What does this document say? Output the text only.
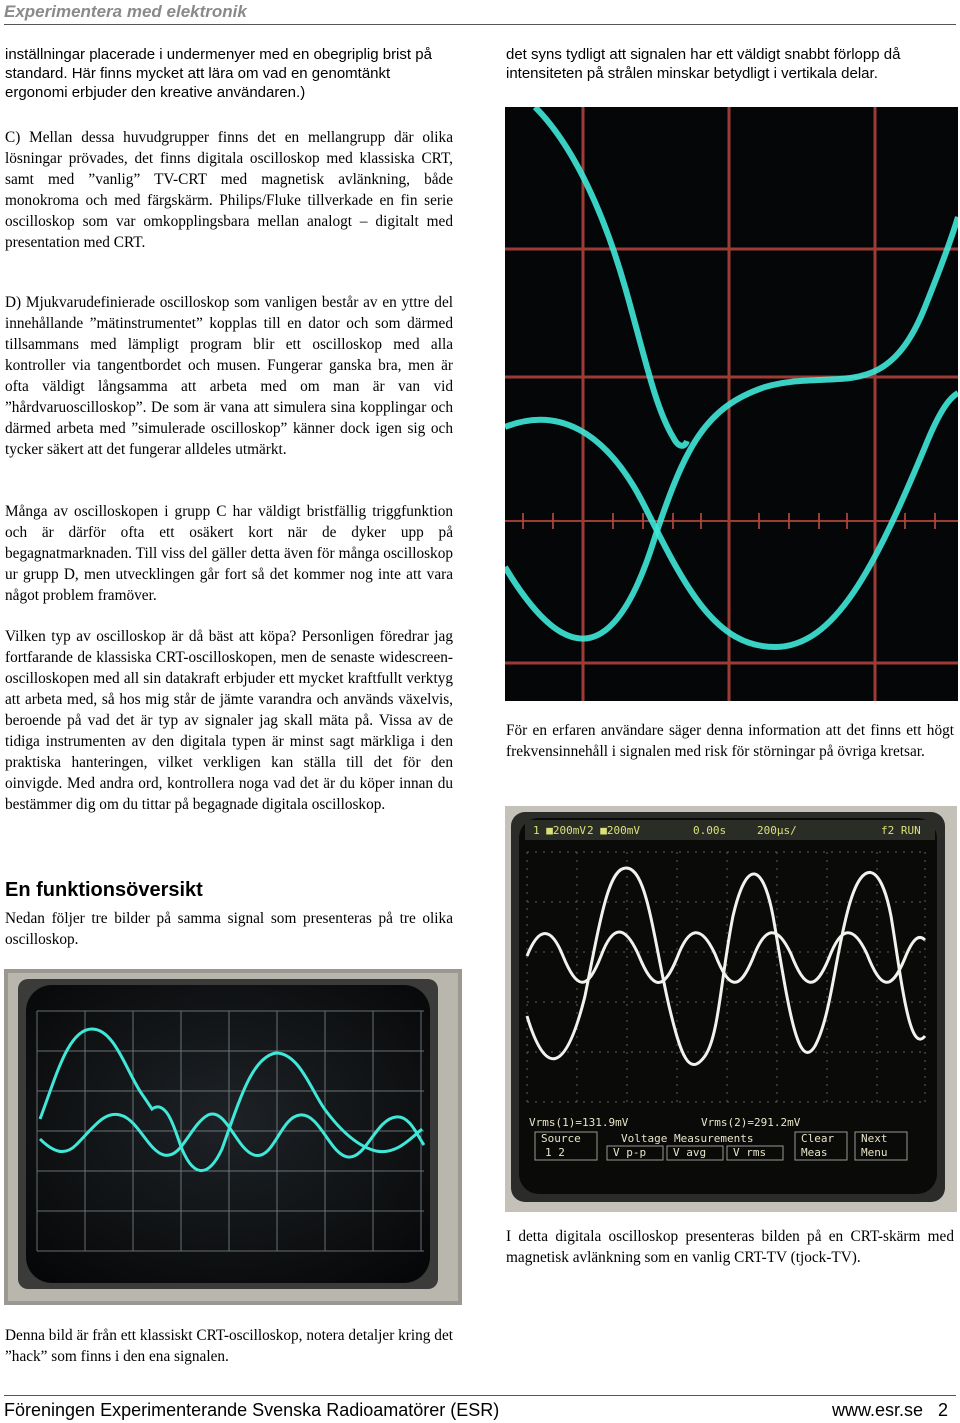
Experimentera med elektronik

inställningar placerade i undermenyer med en obegriplig brist på standard. Här finns mycket att lära om vad en genomtänkt ergonomi erbjuder den kreative användaren.)

C) Mellan dessa huvudgrupper finns det en mellangrupp där olika lösningar prövades, det finns digitala oscilloskop med klassiska CRT, samt med ”vanlig” TV-CRT med magnetisk avlänkning, både monokroma och med färgskärm. Philips/Fluke tillverkade en fin serie oscilloskop som var omkopplingsbara mellan analogt – digitalt med presentation med CRT.

D) Mjukvarudefinierade oscilloskop som vanligen består av en yttre del innehållande ”mätinstrumentet” kopplas till en dator och som därmed tillsammans med lämpligt program blir ett oscilloskop med alla kontroller via tangentbordet och musen. Fungerar ganska bra, men är ofta väldigt långsamma att arbeta med om man är van vid ”hårdvaruoscilloskop”. De som är vana att simulera sina kopplingar och därmed arbeta med ”simulerade oscilloskop” känner dock igen sig och tycker säkert att det fungerar alldeles utmärkt.

Många av oscilloskopen i grupp C har väldigt bristfällig triggfunktion och är därför ofta ett osäkert kort när de dyker upp på begagnatmarknaden. Till viss del gäller detta även för många oscilloskop ur grupp D, men utvecklingen går fort så det kommer nog inte att vara något problem framöver.

Vilken typ av oscilloskop är då bäst att köpa? Personligen föredrar jag fortfarande de klassiska CRT-oscilloskopen, men de senaste widescreen-oscilloskopen med all sin datakraft erbjuder ett mycket kraftfullt verktyg att arbeta med, så hos mig står de jämte varandra och används växelvis, beroende på vad det är typ av signaler jag skall mäta på. Vissa av de tidiga instrumenten av den digitala typen är minst sagt märkliga i den praktiska hanteringen, vilket verkligen kan ställa till det för den oinvigde. Med andra ord, kontrollera noga vad det är du köper innan du bestämmer dig om du tittar på begagnade digitala oscilloskop.

En funktionsöversikt

Nedan följer tre bilder på samma signal som presenteras på tre olika oscilloskop.

Denna bild är från ett klassiskt CRT-oscilloskop, notera detaljer kring det ”hack” som finns i den ena signalen.

det syns tydligt att signalen har ett väldigt snabbt förlopp då intensiteten på strålen minskar betydligt i vertikala delar.

För en erfaren användare säger denna information att det finns ett högt frekvensinnehåll i signalen med risk för störningar på övriga kretsar.

1 ■200mV 2 ■200mV	0.00s	200μs/	f2 RUN
Vrms(1)=131.9mV	Vrms(2)=291.2mV
Source
1 2
Voltage Measurements
V p-p V avg V rms
Clear
Meas
Next
Menu

I detta digitala oscilloskop presenteras bilden på en CRT-skärm med magnetisk avlänkning som en vanlig CRT-TV (tjock-TV).

Föreningen Experimenterande Svenska Radioamatörer (ESR)	www.esr.se 2
